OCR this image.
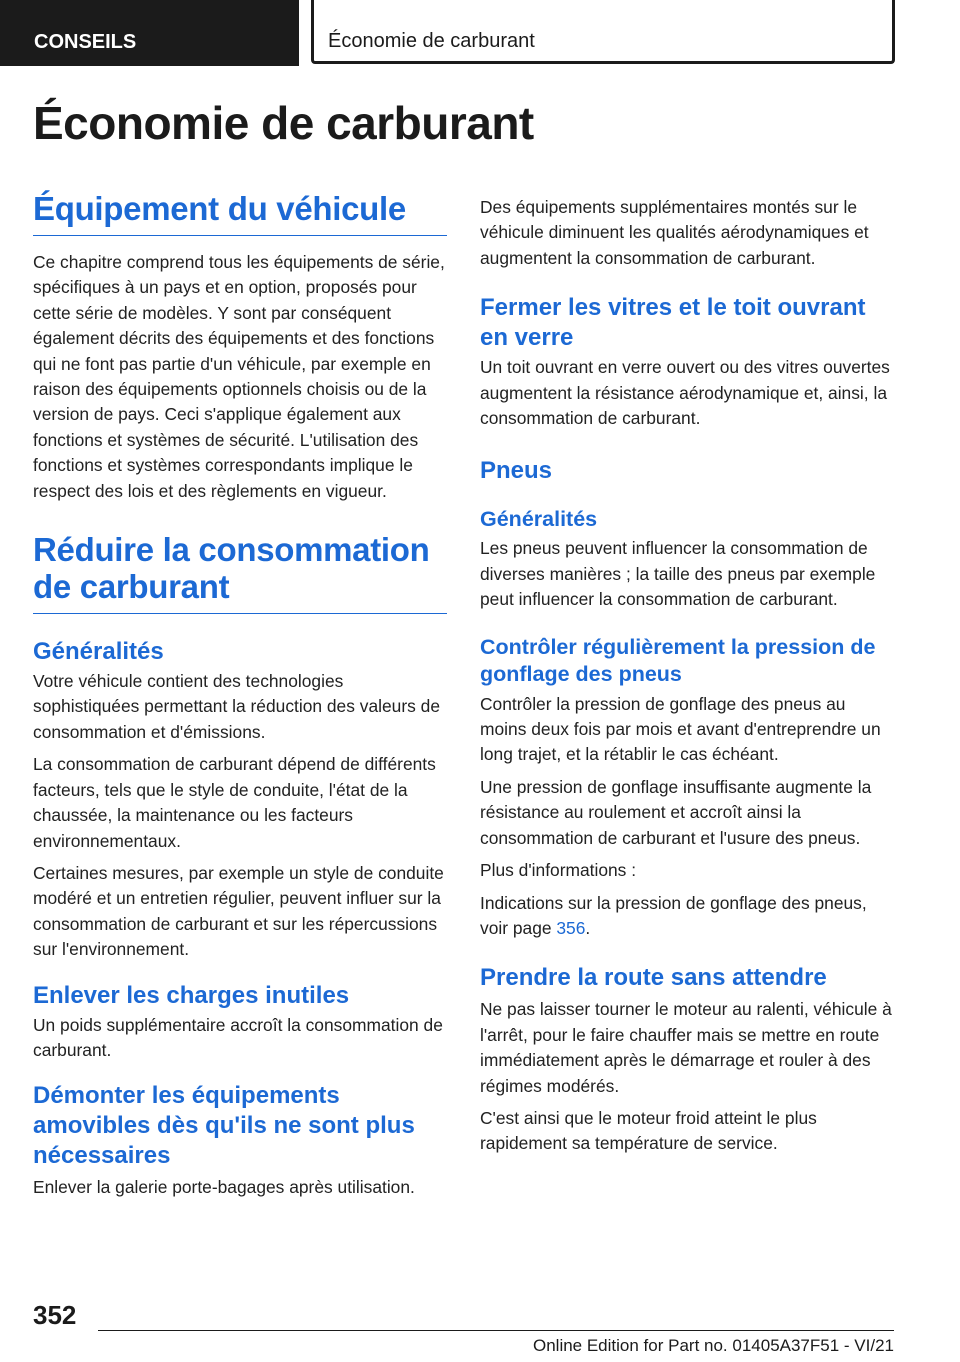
CONSEILS	Économie de carburant
Économie de carburant
Équipement du véhicule

Ce chapitre comprend tous les équipements de série, spécifiques à un pays et en option, proposés pour cette série de modèles. Y sont par conséquent également décrits des équipements et des fonctions qui ne font pas partie d'un véhicule, par exemple en raison des équipements optionnels choisis ou de la version de pays. Ceci s'applique également aux fonctions et systèmes de sécurité. L'utilisation des fonctions et systèmes correspondants implique le respect des lois et des règlements en vigueur.

Réduire la consommation de carburant
Généralités

Votre véhicule contient des technologies sophistiquées permettant la réduction des valeurs de consommation et d'émissions.

La consommation de carburant dépend de différents facteurs, tels que le style de conduite, l'état de la chaussée, la maintenance ou les facteurs environnementaux.

Certaines mesures, par exemple un style de conduite modéré et un entretien régulier, peuvent influer sur la consommation de carburant et sur les répercussions sur l'environnement.

Enlever les charges inutiles

Un poids supplémentaire accroît la consommation de carburant.

Démonter les équipements amovibles dès qu'ils ne sont plus nécessaires

Enlever la galerie porte-bagages après utilisation.

Des équipements supplémentaires montés sur le véhicule diminuent les qualités aérodynamiques et augmentent la consommation de carburant.

Fermer les vitres et le toit ouvrant en verre

Un toit ouvrant en verre ouvert ou des vitres ouvertes augmentent la résistance aérodynamique et, ainsi, la consommation de carburant.

Pneus
Généralités

Les pneus peuvent influencer la consommation de diverses manières ; la taille des pneus par exemple peut influencer la consommation de carburant.

Contrôler régulièrement la pression de gonflage des pneus

Contrôler la pression de gonflage des pneus au moins deux fois par mois et avant d'entreprendre un long trajet, et la rétablir le cas échéant.

Une pression de gonflage insuffisante augmente la résistance au roulement et accroît ainsi la consommation de carburant et l'usure des pneus.

Plus d'informations :

Indications sur la pression de gonflage des pneus, voir page 356.

Prendre la route sans attendre

Ne pas laisser tourner le moteur au ralenti, véhicule à l'arrêt, pour le faire chauffer mais se mettre en route immédiatement après le démarrage et rouler à des régimes modérés.

C'est ainsi que le moteur froid atteint le plus rapidement sa température de service.

352
Online Edition for Part no. 01405A37F51 - VI/21
